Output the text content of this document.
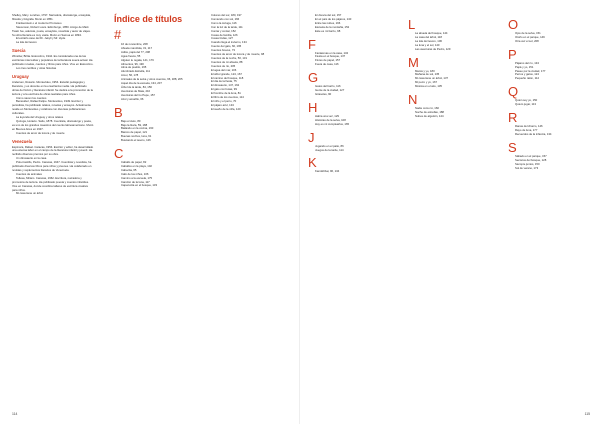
Shelley, Mary. Londres, 1797. Narradora, dramaturga, ensayista, filósofa y biógrafa. Murió en 1851.

Frankenstein o el moderno Prometeo

Stevenson, Robert Louis. Edimburgo, 1850. Amigo de Mark Twain fue, además, poeta, ensayista, novelista y autor de viajes. Su obra literaria es muy vasta. Murió en Samoa en 1894.

El extraño caso del Dr. Jekyll y Mr. Hyde

La isla del tesoro

Suecia

Winslöw, Britta. Estocolmo, 1944. Es considerada una de las escritoras más leídas y populares de la literatura sueca actual. Ha publicado novelas, cuentos y libros para niños. Vive en Estocolmo.

Los tres cerditos y otras historias

Uruguay

Andersen, Rosario. Montevideo, 1954. Estudió pedagogía y literatura, y es docente en la enseñanza media. Ha publicado obras de ficción y literatura infantil. Se dedica a la promoción de la lectura y a la escritura de obras teatrales para niños.

Cómo nacen los cuentos

Benavidez, Rafael Felipe. Montevideo, 1949. Escritor y periodista, ha publicado relatos, novelas y ensayos. Actualmente reside en Montevideo y colabora con diversas publicaciones culturales.

La leyenda del Uruguay y otros relatos

Quiroga, Horacio. Salto, 1878. Cuentista, dramaturgo y poeta, es uno de los grandes maestros del cuento latinoamericano. Murió en Buenos Aires en 1937.

Cuentos de amor de locura y de muerte

Venezuela

Espinoza, Rafael. Caracas, 1954. Escritor y editor, ha desarrollado una extensa labor en el campo de la literatura infantil y juvenil. Ha recibido diversos premios por su obra.

Un dinosaurio en la casa

Polo-Castillo, Pedro. Caracas, 1947. Cuentista y novelista, ha publicado diversos libros para niños y jóvenes. Ha colaborado en revistas y suplementos literarios de Venezuela.

Cuentos de animales

Tellesa, Miriam. Caracas, 1962. Escritora, narradora y promotora de lectura. Ha publicado poesía y cuentos infantiles. Vive en Caracas, donde coordina talleres de escritura creativa para niños.

Mi casa tiene un árbol

Índice de títulos
#

16 de noviembre, 208

Abuela mandiola, 31, 117

Adiós, papá del 77, 208

Agua fresca, 55

Alguien le regala, 141, 176

Alimentos, 96, 190

Alma de pueblo, 165

Alumbrado Estrella, 111

Amor, 56, 178

Animales de la selva y otros cuentos, 66, 188, 205

Aquel día de la escuela, 134, 207

Árbol de la tarde, 84, 156

Aventuras de Maia, 210

Aventuras del tío Pepe, 157

Azul y amarillo, 66

B

Bajo el cielo, 80

Bajo la lluvia, 59, 188

Bailando en la cocina, 160

Barcos de papel, 121

Buenas noches, luna, 61

Buscando el tesoro, 126

C

Caballo de papel, 82

Caballos en la playa, 102

Cabecita, 65

Café de los niños, 106

Camino a la escuela, 175

Canción de la luna, 117

Caperucita en el bosque, 133

Colores del sur, 180, 197

Comiendo con sol, 166

Como la tortuga, 116

Con la luz de la tarde, 111

Contar y contar, 152

Cosas de familia, 126

Cosas lindas, 127

Cuando llega el invierno, 134

Cuento del gato, 60, 195

Cuentos breves, 73

Cuentos de amor de locura y de muerte, 98

Cuentos de la noche, 50, 131

Cuentos de mi abuela, 88

Cuentos de río, 205

El agua del mar, 106

El árbol grande, 124, 167

El camino del bosque, 118

El día de la fiesta, 75

El dinosaurio, 147, 162

El gato con botas, 99

El hombre de la luna, 81

El libro de los cuentos, 114

El niño y el perro, 70

El pájaro azul, 134

El sueño de la niña, 120

114

En busca del sol, 157

En el país de los pájaros, 140

Entre las nubes, 196

Escuela de la montaña, 152

Este es mi barrio, 98

F

Fantasmas en la casa, 134

Fiesta en el bosque, 137

Flores de papel, 157

Fuera de casa, 116

G

Gatos del barrio, 116

Gente de la ciudad, 127

Girasoles, 90

H

Había una vez, 129

Historias de la selva, 108

Hoy es mi cumpleaños, 165

J

Jugando en el patio, 86

Juegos de la tarde, 114

K

Kamishibai, 96, 134

L

La abuela del bosque, 144

La casa del árbol, 118

La isla del tesoro, 106

La luna y el sol, 140

Las aventuras de Pedro, 129

M

Mamá y yo, 180

Mañana de sol, 135

Mi casa tiene un árbol, 137

Mi perro y yo, 167

Música en el aire, 135

N

Nadie como tú, 160

Noche de estrellas, 188

Nubes de algodón, 144

O

Ojos de la selva, 151

Otoño en el parque, 149

Otra vez el sol, 208

P

Pájaros del río, 134

Papá y yo, 151

Paseo por la ciudad, 177

Perros y gatos, 124

Pequeño ratón, 112

Q

Quién soy yo, 150

Quiero jugar, 113

R

Ranas del charco, 146

Rayo de luna, 177

Recuerdos de la infancia, 134

S

Sábado en el parque, 157

Secretos del bosque, 128

Siempre juntos, 150

Sol de verano, 173

115
